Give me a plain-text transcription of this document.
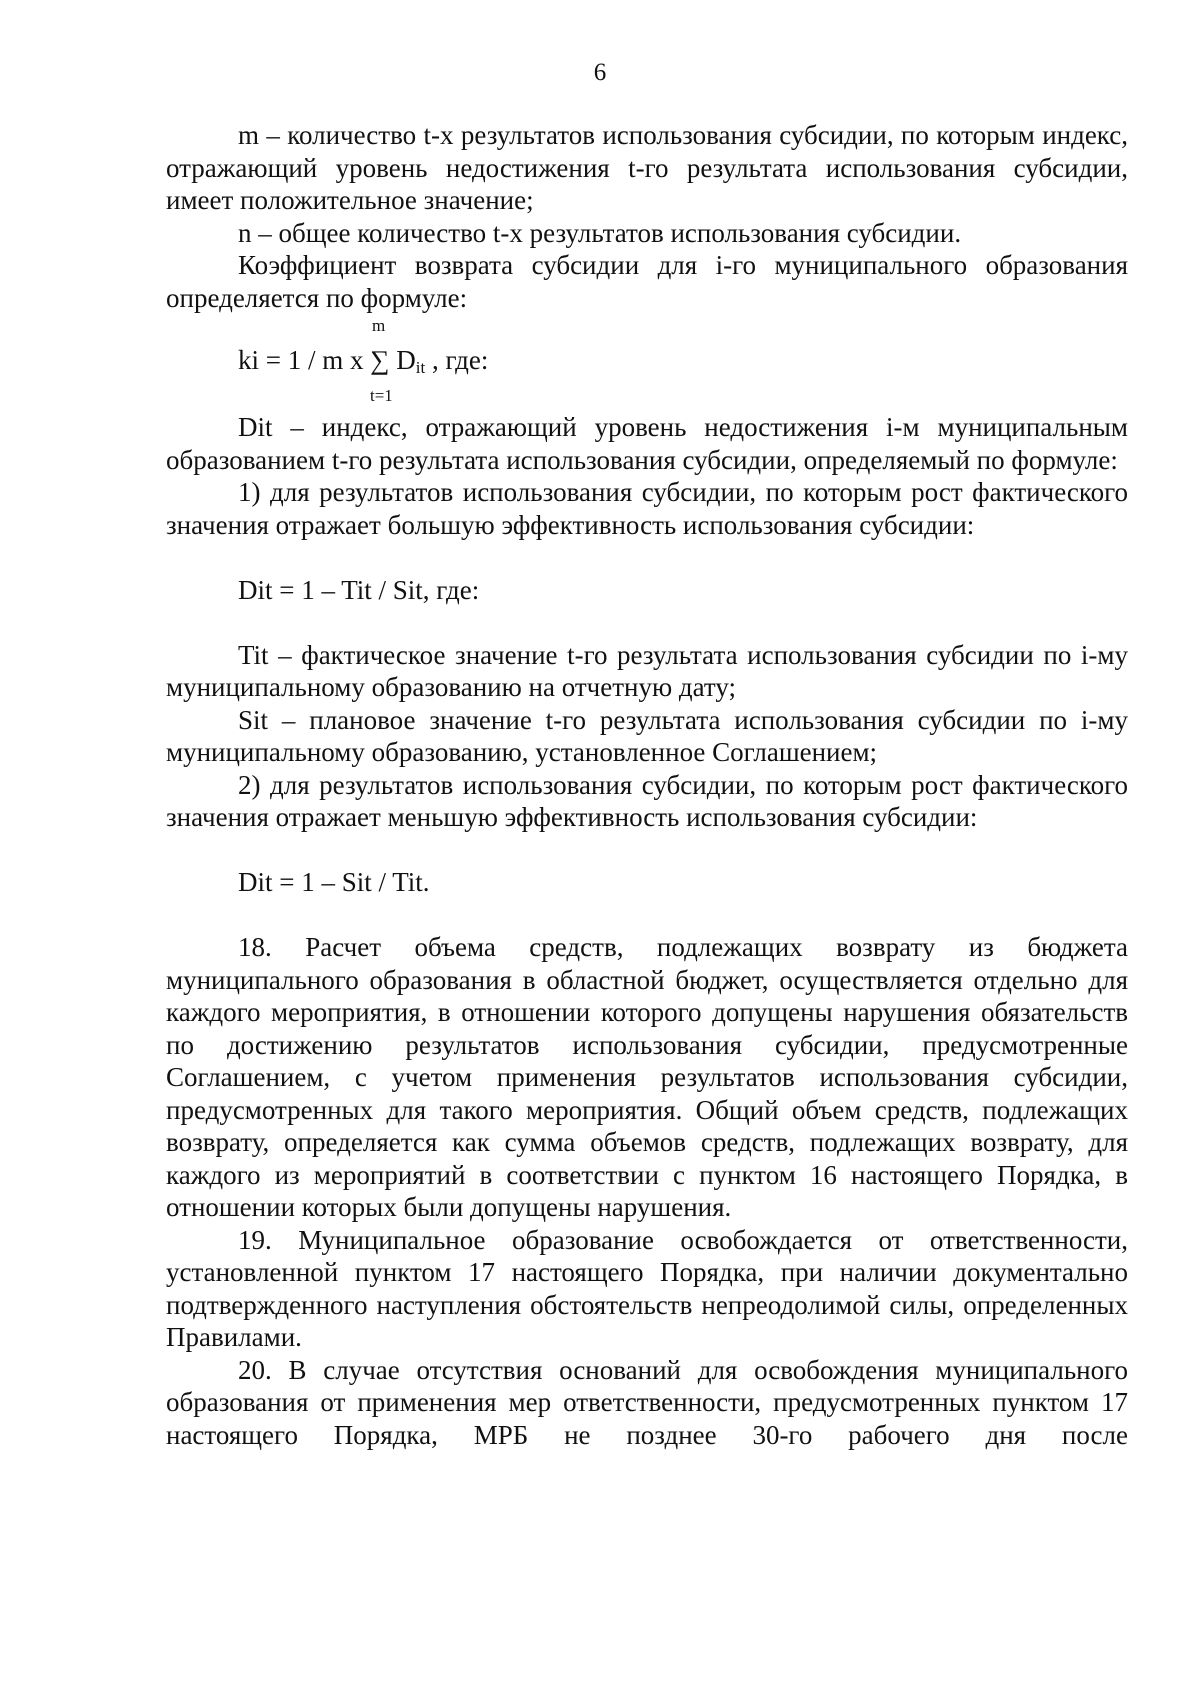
6

m – количество t-х результатов использования субсидии, по которым индекс, отражающий уровень недостижения t-го результата использования субсидии, имеет положительное значение;

n – общее количество t-х результатов использования субсидии.

Коэффициент возврата субсидии для i-го муниципального образования определяется по формуле:

m
ki = 1 / m x ∑ Dit , где:
t=1

Dit – индекс, отражающий уровень недостижения i-м муниципальным образованием t-го результата использования субсидии, определяемый по формуле:

1) для результатов использования субсидии, по которым рост фактического значения отражает большую эффективность использования субсидии:

Dit = 1 – Tit / Sit, где:

Tit – фактическое значение t-го результата использования субсидии по i-му муниципальному образованию на отчетную дату;

Sit – плановое значение t-го результата использования субсидии по i-му муниципальному образованию, установленное Соглашением;

2) для результатов использования субсидии, по которым рост фактического значения отражает меньшую эффективность использования субсидии:

Dit = 1 – Sit / Tit.

18. Расчет объема средств, подлежащих возврату из бюджета муниципального образования в областной бюджет, осуществляется отдельно для каждого мероприятия, в отношении которого допущены нарушения обязательств по достижению результатов использования субсидии, предусмотренные Соглашением, с учетом применения результатов использования субсидии, предусмотренных для такого мероприятия. Общий объем средств, подлежащих возврату, определяется как сумма объемов средств, подлежащих возврату, для каждого из мероприятий в соответствии с пунктом 16 настоящего Порядка, в отношении которых были допущены нарушения.

19. Муниципальное образование освобождается от ответственности, установленной пунктом 17 настоящего Порядка, при наличии документально подтвержденного наступления обстоятельств непреодолимой силы, определенных Правилами.

20. В случае отсутствия оснований для освобождения муниципального образования от применения мер ответственности, предусмотренных пунктом 17 настоящего Порядка, МРБ не позднее 30-го рабочего дня после
